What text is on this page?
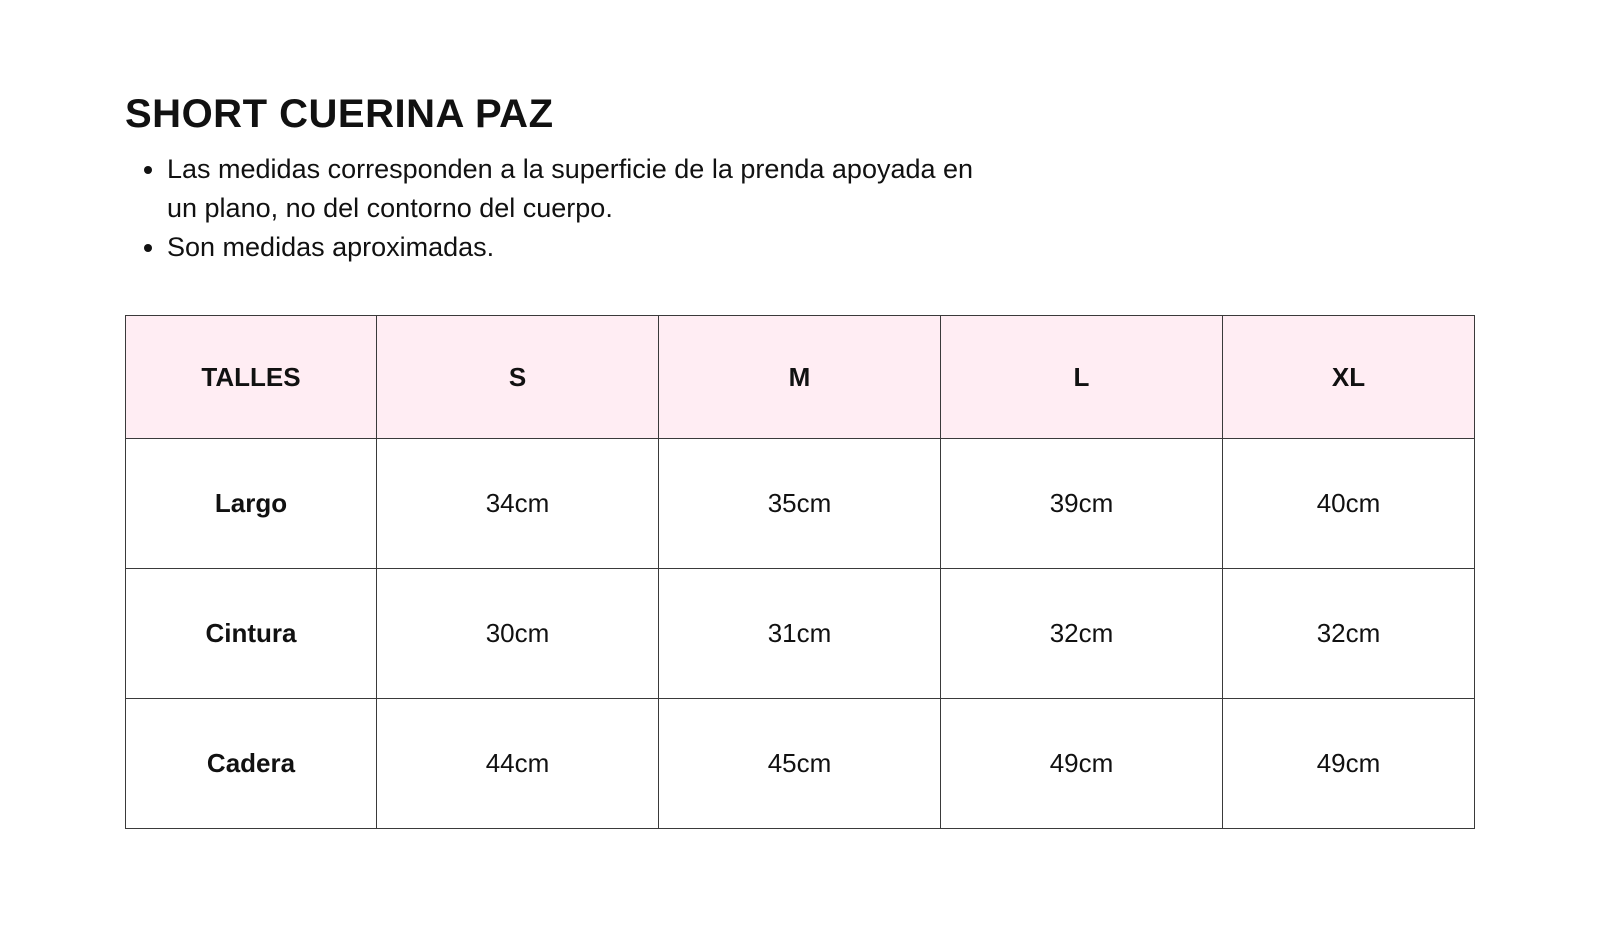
SHORT CUERINA PAZ
• Las medidas corresponden a la superficie de la prenda apoyada en un plano, no del contorno del cuerpo.
• Son medidas aproximadas.
TALLES	S	M	L	XL
Largo	34cm	35cm	39cm	40cm
Cintura	30cm	31cm	32cm	32cm
Cadera	44cm	45cm	49cm	49cm
